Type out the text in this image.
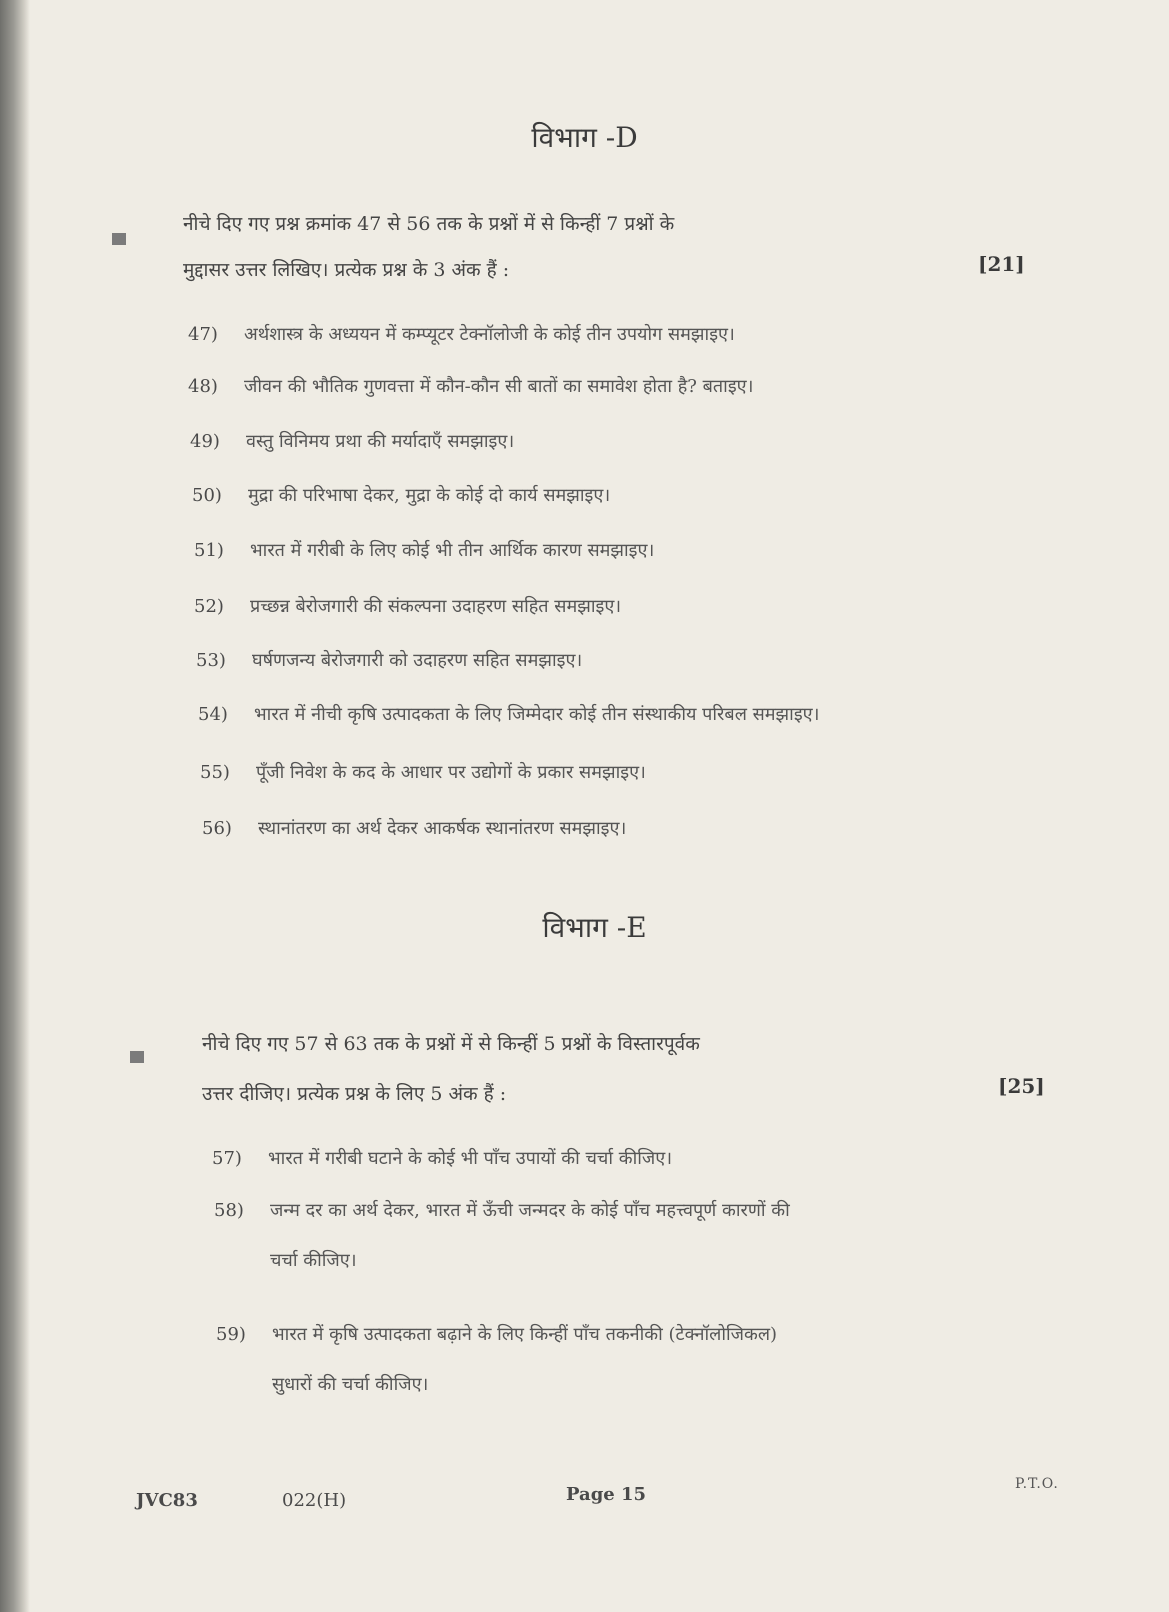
विभाग -D
नीचे दिए गए प्रश्न क्रमांक 47 से 56 तक के प्रश्नों में से किन्हीं 7 प्रश्नों के
मुद्दासर उत्तर लिखिए। प्रत्येक प्रश्न के 3 अंक हैं :	[21]
47) अर्थशास्त्र के अध्ययन में कम्प्यूटर टेक्नॉलोजी के कोई तीन उपयोग समझाइए।
48) जीवन की भौतिक गुणवत्ता में कौन-कौन सी बातों का समावेश होता है? बताइए।
49) वस्तु विनिमय प्रथा की मर्यादाएँ समझाइए।
50) मुद्रा की परिभाषा देकर, मुद्रा के कोई दो कार्य समझाइए।
51) भारत में गरीबी के लिए कोई भी तीन आर्थिक कारण समझाइए।
52) प्रच्छन्न बेरोजगारी की संकल्पना उदाहरण सहित समझाइए।
53) घर्षणजन्य बेरोजगारी को उदाहरण सहित समझाइए।
54) भारत में नीची कृषि उत्पादकता के लिए जिम्मेदार कोई तीन संस्थाकीय परिबल समझाइए।
55) पूँजी निवेश के कद के आधार पर उद्योगों के प्रकार समझाइए।
56) स्थानांतरण का अर्थ देकर आकर्षक स्थानांतरण समझाइए।
विभाग -E
नीचे दिए गए 57 से 63 तक के प्रश्नों में से किन्हीं 5 प्रश्नों के विस्तारपूर्वक
उत्तर दीजिए। प्रत्येक प्रश्न के लिए 5 अंक हैं :	[25]
57) भारत में गरीबी घटाने के कोई भी पाँच उपायों की चर्चा कीजिए।
58) जन्म दर का अर्थ देकर, भारत में ऊँची जन्मदर के कोई पाँच महत्त्वपूर्ण कारणों की
चर्चा कीजिए।
59) भारत में कृषि उत्पादकता बढ़ाने के लिए किन्हीं पाँच तकनीकी (टेक्नॉलोजिकल)
सुधारों की चर्चा कीजिए।
JVC83	022(H)	Page 15	P.T.O.
